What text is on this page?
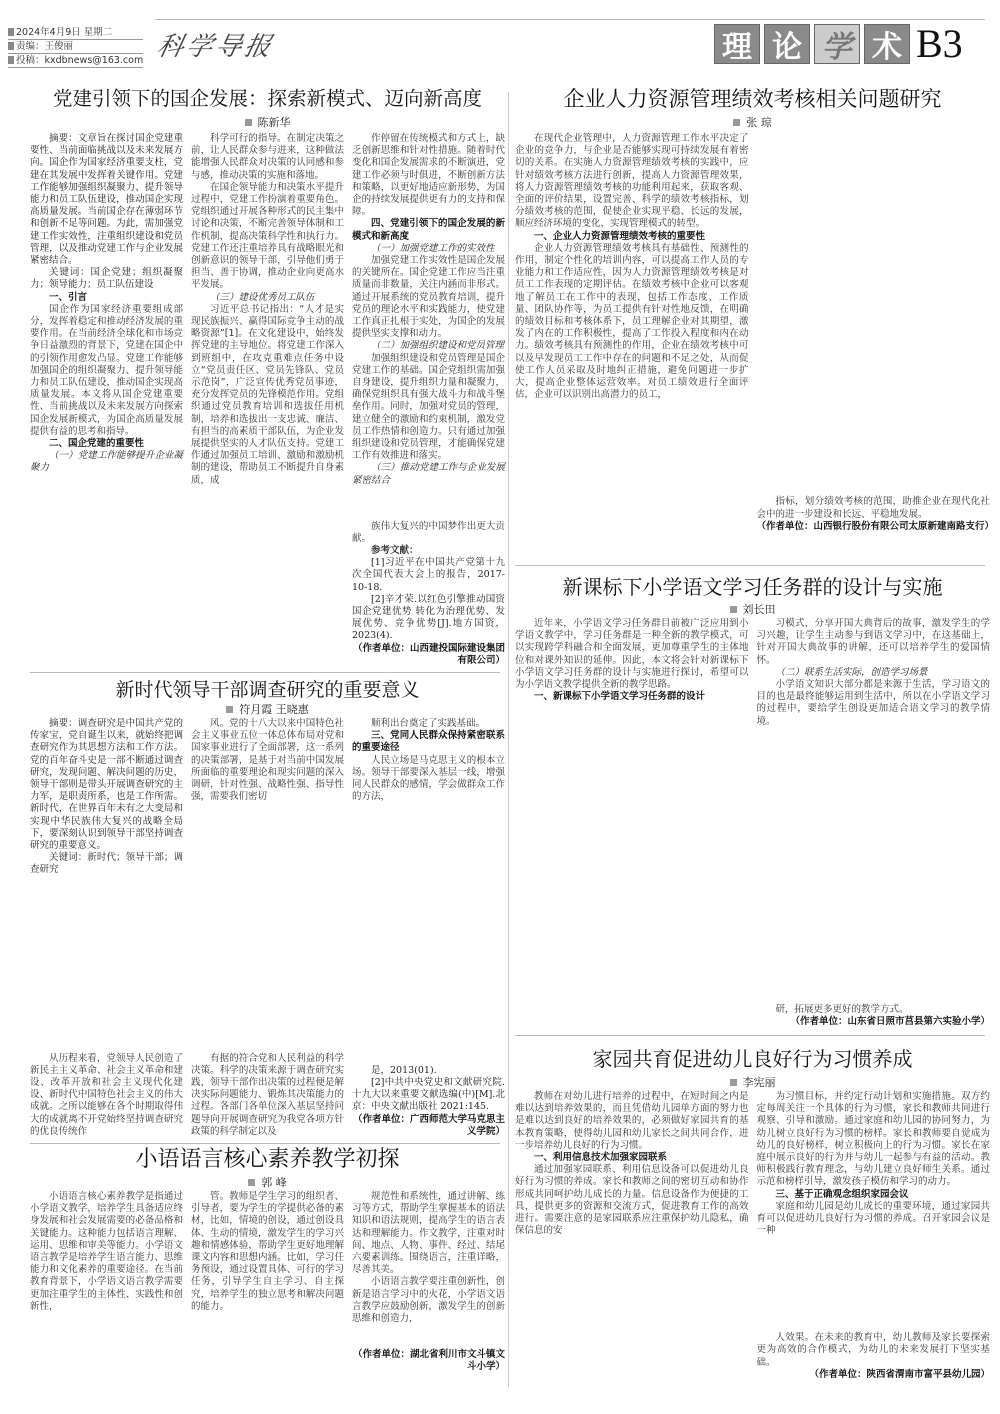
2024年4月9日 星期二
责编：王俊丽
投稿：kxdbnews@163.com 科学导报	理 论 学 术 B3
党建引领下的国企发展：探索新模式、迈向新高度
陈新华

摘要：文章旨在探讨国企党建重要性、当前面临挑战以及未来发展方向。国企作为国家经济重要支柱，党建在其发展中发挥着关键作用。党建工作能够加强组织凝聚力、提升领导能力和员工队伍建设，推动国企实现高质量发展。当前国企存在薄弱环节和创新不足等问题。为此，需加强党建工作实效性，注重组织建设和党员管理，以及推动党建工作与企业发展紧密结合。

关键词：国企党建；组织凝聚力；领导能力；员工队伍建设

一、引言

国企作为国家经济重要组成部分，发挥着稳定和推动经济发展的重要作用。在当前经济全球化和市场竞争日益激烈的背景下，党建在国企中的引领作用愈发凸显。党建工作能够加强国企的组织凝聚力、提升领导能力和员工队伍建设，推动国企实现高质量发展。本文将从国企党建重要性、当前挑战以及未来发展方向探索国企发展新模式，为国企高质量发展提供有益的思考和指导。

二、国企党建的重要性

（一）党建工作能够提升企业凝聚力

科学可行的指导。在制定决策之前，让人民群众参与进来，这种做法能增强人民群众对决策的认同感和参与感，推动决策的实施和落地。

在国企领导能力和决策水平提升过程中，党建工作扮演着重要角色。党组织通过开展各种形式的民主集中讨论和决策，不断完善领导体制和工作机制，提高决策科学性和执行力。党建工作还注重培养具有战略眼光和创新意识的领导干部，引导他们勇于担当、善于协调，推动企业向更高水平发展。

（三）建设优秀员工队伍

习近平总书记指出：“人才是实现民族振兴、赢得国际竞争主动的战略资源”[1]。在文化建设中，始终发挥党建的主导地位。将党建工作深入到班组中，在攻克重难点任务中设立“党员责任区、党员先锋队、党员示范岗”，广泛宣传优秀党员事迹，充分发挥党员的先锋模范作用。党组织通过党员教育培训和选拔任用机制，培养和选拔出一支忠诚、廉洁、有担当的高素质干部队伍，为企业发展提供坚实的人才队伍支持。党建工作通过加强员工培训、激励和激励机制的建设，帮助员工不断提升自身素质，成

作停留在传统模式和方式上，缺乏创新思维和针对性措施。随着时代变化和国企发展需求的不断演进，党建工作必须与时俱进，不断创新方法和策略，以更好地适应新形势，为国企的持续发展提供更有力的支持和保障。

四、党建引领下的国企发展的新模式和新高度

（一）加强党建工作的实效性

加强党建工作实效性是国企发展的关键所在。国企党建工作应当注重质量而非数量，关注内涵而非形式。通过开展系统的党员教育培训，提升党员的理论水平和实践能力，使党建工作真正扎根于实处，为国企的发展提供坚实支撑和动力。

（二）加强组织建设和党员管理

加强组织建设和党员管理是国企党建工作的基础。国企党组织需加强自身建设，提升组织力量和凝聚力，确保党组织具有强大战斗力和战斗堡垒作用。同时，加强对党员的管理，建立健全的激励和约束机制，激发党员工作热情和创造力。只有通过加强组织建设和党员管理，才能确保党建工作有效推进和落实。

（三）推动党建工作与企业发展紧密结合

族伟大复兴的中国梦作出更大贡献。

参考文献：

[1]习近平在中国共产党第十九次全国代表大会上的报告，2017-10-18.

[2]辛才荣.以红色引擎推动国资国企党建优势 转化为治理优势、发展优势、竞争优势[J].地方国资，2023(4).

（作者单位：山西建投国际建设集团有限公司）

企业人力资源管理绩效考核相关问题研究
张 琼

在现代企业管理中，人力资源管理工作水平决定了企业的竞争力，与企业是否能够实现可持续发展有着密切的关系。在实施人力资源管理绩效考核的实践中，应针对绩效考核方法进行创新，提高人力资源管理效果，将人力资源管理绩效考核的功能利用起来，获取客观、全面的评价结果，设置完善、科学的绩效考核指标，划分绩效考核的范围，促使企业实现平稳、长远的发展，顺应经济环境的变化，实现管理模式的转型。

一、企业人力资源管理绩效考核的重要性

企业人力资源管理绩效考核具有基础性、预测性的作用，制定个性化的培训内容，可以提高工作人员的专业能力和工作适应性，因为人力资源管理绩效考核是对员工工作表现的定期评估。在绩效考核中企业可以客观地了解员工在工作中的表现，包括工作态度、工作质量、团队协作等，为员工提供有针对性地反馈，在明确的绩效目标和考核体系下，员工理解企业对其期望，激发了内在的工作积极性，提高了工作投入程度和内在动力。绩效考核具有预测性的作用，企业在绩效考核中可以及早发现员工工作中存在的问题和不足之处，从而促使工作人员采取及时地纠正措施，避免问题进一步扩大，提高企业整体运营效率。对员工绩效进行全面评估，企业可以识别出高潜力的员工，

指标，划分绩效考核的范围，助推企业在现代化社会中的进一步建设和长远、平稳地发展。

（作者单位：山西银行股份有限公司太原新建南路支行）

新课标下小学语文学习任务群的设计与实施
刘长田

近年来，小学语文学习任务群目前被广泛应用到小学语文教学中，学习任务群是一种全新的教学模式，可以实现跨学科融合和全面发展，更加尊重学生的主体地位和对课外知识的延伸。因此，本文将会针对新课标下小学语文学习任务群的设计与实施进行探讨，希望可以为小学语文教学提供全新的教学思路。

一、新课标下小学语文学习任务群的设计

习模式，分享开国大典背后的故事，激发学生的学习兴趣，让学生主动参与到语文学习中，在这基础上，针对开国大典故事的讲解，还可以培养学生的爱国情怀。

（二）联系生活实际，创造学习场景

小学语文知识大部分都是来源于生活，学习语文的目的也是最终能够运用到生活中，所以在小学语文学习的过程中，要给学生创设更加适合语文学习的教学情境。

研，拓展更多更好的教学方式。

（作者单位：山东省日照市莒县第六实验小学）

新时代领导干部调查研究的重要意义
符月霞 王晓惠

摘要：调查研究是中国共产党的传家宝，党自诞生以来，就始终把调查研究作为其思想方法和工作方法。党的百年奋斗史是一部不断通过调查研究，发现问题、解决问题的历史，领导干部则是带头开展调查研究的主力军，是职责所系，也是工作所需。新时代，在世界百年未有之大变局和实现中华民族伟大复兴的战略全局下，要深刻认识到领导干部坚持调查研究的重要意义。

关键词：新时代；领导干部；调查研究

从历程来看，党领导人民创造了新民主主义革命、社会主义革命和建设、改革开放和社会主义现代化建设、新时代中国特色社会主义的伟大成就。之所以能够在各个时期取得伟大的成就离不开党始终坚持调查研究的优良传统作

风。党的十八大以来中国特色社会主义事业五位一体总体布局对党和国家事业进行了全面部署，这一系列的决策部署，是基于对当前中国发展所面临的重要理论和现实问题的深入调研，针对性强、战略性强、指导性强，需要我们密切

有据的符合党和人民利益的科学决策。科学的决策来源于调查研究实践，领导干部作出决策的过程便是解决实际问题能力、锻炼其决策能力的过程。各部门各单位深入基层坚持问题导向开展调查研究为我党各项方针政策的科学制定以及

顺利出台奠定了实践基础。

三、党同人民群众保持紧密联系的重要途径

人民立场是马克思主义的根本立场。领导干部要深入基层一线，增强同人民群众的感情，学会做群众工作的方法，

是，2013(01).

[2]中共中央党史和文献研究院.十九大以来重要文献选编(中)[M].北京：中央文献出版社 2021:145.

（作者单位：广西师范大学马克思主义学院）

家园共育促进幼儿良好行为习惯养成
李宪丽

教师在对幼儿进行培养的过程中，在短时间之内是难以达到培养效果的，而且凭借幼儿园单方面的努力也是难以达到良好的培养效果的，必须做好家园共育的基本教育策略，使得幼儿园和幼儿家长之间共同合作，进一步培养幼儿良好的行为习惯。

一、利用信息技术加强家园联系

通过加强家园联系、利用信息设备可以促进幼儿良好行为习惯的养成。家长和教师之间的密切互动和协作形成共同呵护幼儿成长的力量。信息设备作为便捷的工具，提供更多的资源和交流方式，促进教育工作的高效进行。需要注意的是家园联系应注重保护幼儿隐私，确保信息的安

为习惯目标，并约定行动计划和实施措施。双方约定每周关注一个具体的行为习惯，家长和教师共同进行观察、引导和激励。通过家庭和幼儿园的协同努力，为幼儿树立良好行为习惯的榜样。家长和教师要自觉成为幼儿的良好榜样，树立积极向上的行为习惯。家长在家庭中展示良好的行为并与幼儿一起参与有益的活动。教师积极践行教育理念，与幼儿建立良好师生关系。通过示范和榜样引导，激发孩子模仿和学习的动力。

三、基于正确观念组织家园会议

家庭和幼儿园是幼儿成长的重要环境，通过家园共育可以促进幼儿良好行为习惯的养成。召开家园会议是一种

人效果。在未来的教育中，幼儿教师及家长要探索更为高效的合作模式，为幼儿的未来发展打下坚实基础。

（作者单位：陕西省渭南市富平县幼儿园）

小语语言核心素养教学初探
郭 峰

小语语言核心素养教学是指通过小学语文教学，培养学生具备适应终身发展和社会发展需要的必备品格和关键能力。这种能力包括语言理解、运用、思维和审美等能力。小学语文语言教学是培养学生语言能力、思维能力和文化素养的重要途径。在当前教育背景下，小学语文语言教学需要更加注重学生的主体性、实践性和创新性，

管。教师是学生学习的组织者、引导者，要为学生的学提供必备的素材，比如，情境的创设，通过创设具体、生动的情境，激发学生的学习兴趣和情感体验，帮助学生更好地理解课文内容和思想内涵。比如，学习任务预设，通过设置具体、可行的学习任务，引导学生自主学习、自主探究，培养学生的独立思考和解决问题的能力。

规范性和系统性，通过讲解、练习等方式，帮助学生掌握基本的语法知识和语法规则，提高学生的语言表达和理解能力。作文教学，注重对时间、地点、人物、事件、经过、结尾六要素训练。围绕语言，注重详略，尽善其美。

小语语言教学要注重创新性，创新是语言学习中的火花，小学语文语言教学应鼓励创新，激发学生的创新思维和创造力，

（作者单位：湖北省利川市文斗镇文斗小学）
